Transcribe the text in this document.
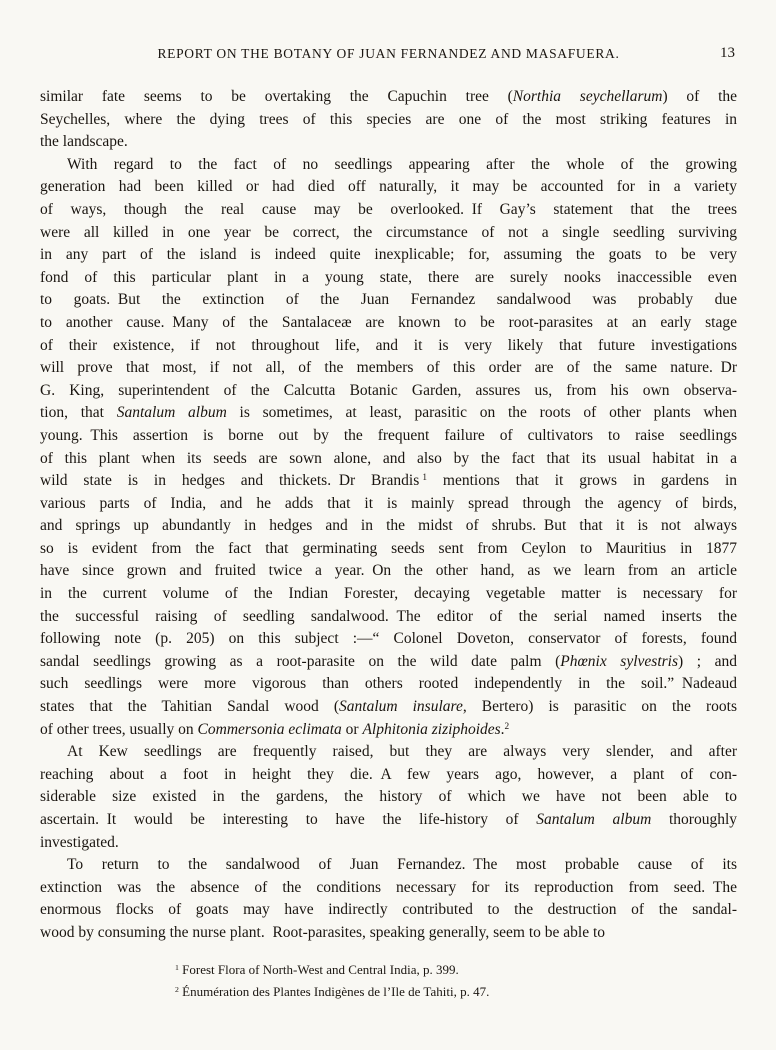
REPORT ON THE BOTANY OF JUAN FERNANDEZ AND MASAFUERA.	13
similar fate seems to be overtaking the Capuchin tree (Northia seychellarum) of the
Seychelles, where the dying trees of this species are one of the most striking features in
the landscape.
With regard to the fact of no seedlings appearing after the whole of the growing
generation had been killed or had died off naturally, it may be accounted for in a variety
of ways, though the real cause may be overlooked. If Gay’s statement that the trees
were all killed in one year be correct, the circumstance of not a single seedling surviving
in any part of the island is indeed quite inexplicable; for, assuming the goats to be very
fond of this particular plant in a young state, there are surely nooks inaccessible even
to goats. But the extinction of the Juan Fernandez sandalwood was probably due
to another cause. Many of the Santalaceæ are known to be root-parasites at an early stage
of their existence, if not throughout life, and it is very likely that future investigations
will prove that most, if not all, of the members of this order are of the same nature. Dr
G. King, superintendent of the Calcutta Botanic Garden, assures us, from his own observa-
tion, that Santalum album is sometimes, at least, parasitic on the roots of other plants when
young. This assertion is borne out by the frequent failure of cultivators to raise seedlings
of this plant when its seeds are sown alone, and also by the fact that its usual habitat in a
wild state is in hedges and thickets. Dr Brandis $^1$ mentions that it grows in gardens in
various parts of India, and he adds that it is mainly spread through the agency of birds,
and springs up abundantly in hedges and in the midst of shrubs. But that it is not always
so is evident from the fact that germinating seeds sent from Ceylon to Mauritius in 1877
have since grown and fruited twice a year. On the other hand, as we learn from an article
in the current volume of the Indian Forester, decaying vegetable matter is necessary for
the successful raising of seedling sandalwood. The editor of the serial named inserts the
following note (p. 205) on this subject :—“ Colonel Doveton, conservator of forests, found
sandal seedlings growing as a root-parasite on the wild date palm (Phœnix sylvestris) ; and
such seedlings were more vigorous than others rooted independently in the soil.” Nadeaud
states that the Tahitian Sandal wood (Santalum insulare, Bertero) is parasitic on the roots
of other trees, usually on Commersonia eclimata or Alphitonia ziziphoides.$^2$
At Kew seedlings are frequently raised, but they are always very slender, and after
reaching about a foot in height they die. A few years ago, however, a plant of con-
siderable size existed in the gardens, the history of which we have not been able to
ascertain. It would be interesting to have the life-history of Santalum album thoroughly
investigated.
To return to the sandalwood of Juan Fernandez. The most probable cause of its
extinction was the absence of the conditions necessary for its reproduction from seed. The
enormous flocks of goats may have indirectly contributed to the destruction of the sandal-
wood by consuming the nurse plant. Root-parasites, speaking generally, seem to be able to
$^1$ Forest Flora of North-West and Central India, p. 399.
$^2$ Énumération des Plantes Indigènes de l’Ile de Tahiti, p. 47.
